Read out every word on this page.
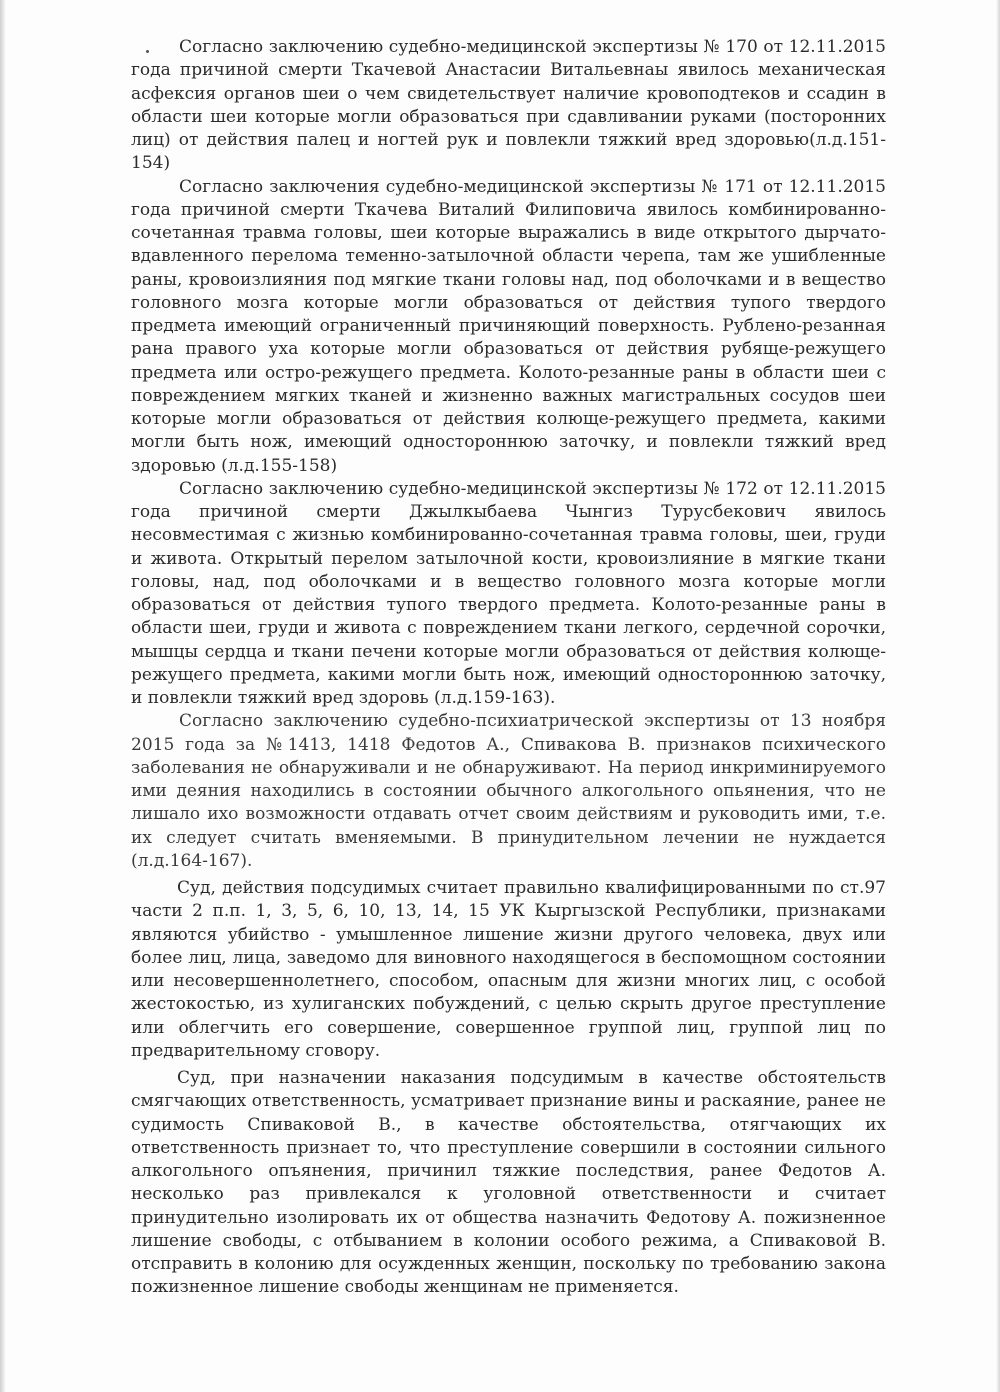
Согласно заключению судебно-медицинской экспертизы № 170 от 12.11.2015 года причиной смерти Ткачевой Анастасии Витальевнаы явилось механическая асфексия органов шеи о чем свидетельствует наличие кровоподтеков и ссадин в области шеи которые могли образоваться при сдавливании руками (посторонних лиц) от действия палец и ногтей рук и повлекли тяжкий вред здоровью(л.д.151-154)

Согласно заключения судебно-медицинской экспертизы № 171 от 12.11.2015 года причиной смерти Ткачева Виталий Филиповича явилось комбинированно-сочетанная травма головы, шеи которые выражались в виде открытого дырчато-вдавленного перелома теменно-затылочной области черепа, там же ушибленные раны, кровоизлияния под мягкие ткани головы над, под оболочками и в вещество головного мозга которые могли образоваться от действия тупого твердого предмета имеющий ограниченный причиняющий поверхность. Рублено-резанная рана правого уха которые могли образоваться от действия рубяще-режущего предмета или остро-режущего предмета. Колото-резанные раны в области шеи с повреждением мягких тканей и жизненно важных магистральных сосудов шеи которые могли образоваться от действия колюще-режущего предмета, какими могли быть нож, имеющий одностороннюю заточку, и повлекли тяжкий вред здоровью (л.д.155-158)

Согласно заключению судебно-медицинской экспертизы № 172 от 12.11.2015 года причиной смерти Джылкыбаева Чынгиз Турусбекович явилось несовместимая с жизнью комбинированно-сочетанная травма головы, шеи, груди и живота. Открытый перелом затылочной кости, кровоизлияние в мягкие ткани головы, над, под оболочками и в вещество головного мозга которые могли образоваться от действия тупого твердого предмета. Колото-резанные раны в области шеи, груди и живота с повреждением ткани легкого, сердечной сорочки, мышцы сердца и ткани печени которые могли образоваться от действия колюще-режущего предмета, какими могли быть нож, имеющий одностороннюю заточку, и повлекли тяжкий вред здоровь (л.д.159-163).

Согласно заключению судебно-психиатрической экспертизы от 13 ноября 2015 года за №1413, 1418 Федотов А., Спивакова В. признаков психического заболевания не обнаруживали и не обнаруживают. На период инкриминируемого ими деяния находились в состоянии обычного алкогольного опьянения, что не лишало ихо возможности отдавать отчет своим действиям и руководить ими, т.е. их следует считать вменяемыми. В принудительном лечении не нуждается (л.д.164-167).

Суд, действия подсудимых считает правильно квалифицированными по ст.97 части 2 п.п. 1, 3, 5, 6, 10, 13, 14, 15 УК Кыргызской Республики, признаками являются убийство - умышленное лишение жизни другого человека, двух или более лиц, лица, заведомо для виновного находящегося в беспомощном состоянии или несовершеннолетнего, способом, опасным для жизни многих лиц, с особой жестокостью, из хулиганских побуждений, с целью скрыть другое преступление или облегчить его совершение, совершенное группой лиц, группой лиц по предварительному сговору.

Суд, при назначении наказания подсудимым в качестве обстоятельств смягчающих ответственность, усматривает признание вины и раскаяние, ранее не судимость Спиваковой В., в качестве обстоятельства, отягчающих их ответственность признает то, что преступление совершили в состоянии сильного алкогольного опъянения, причинил тяжкие последствия, ранее Федотов А. несколько раз привлекался к уголовной ответственности и считает принудительно изолировать их от общества назначить Федотову А. пожизненное лишение свободы, с отбыванием в колонии особого режима, а Спиваковой В. отсправить в колонию для осужденных женщин, поскольку по требованию закона пожизненное лишение свободы женщинам не применяется.
